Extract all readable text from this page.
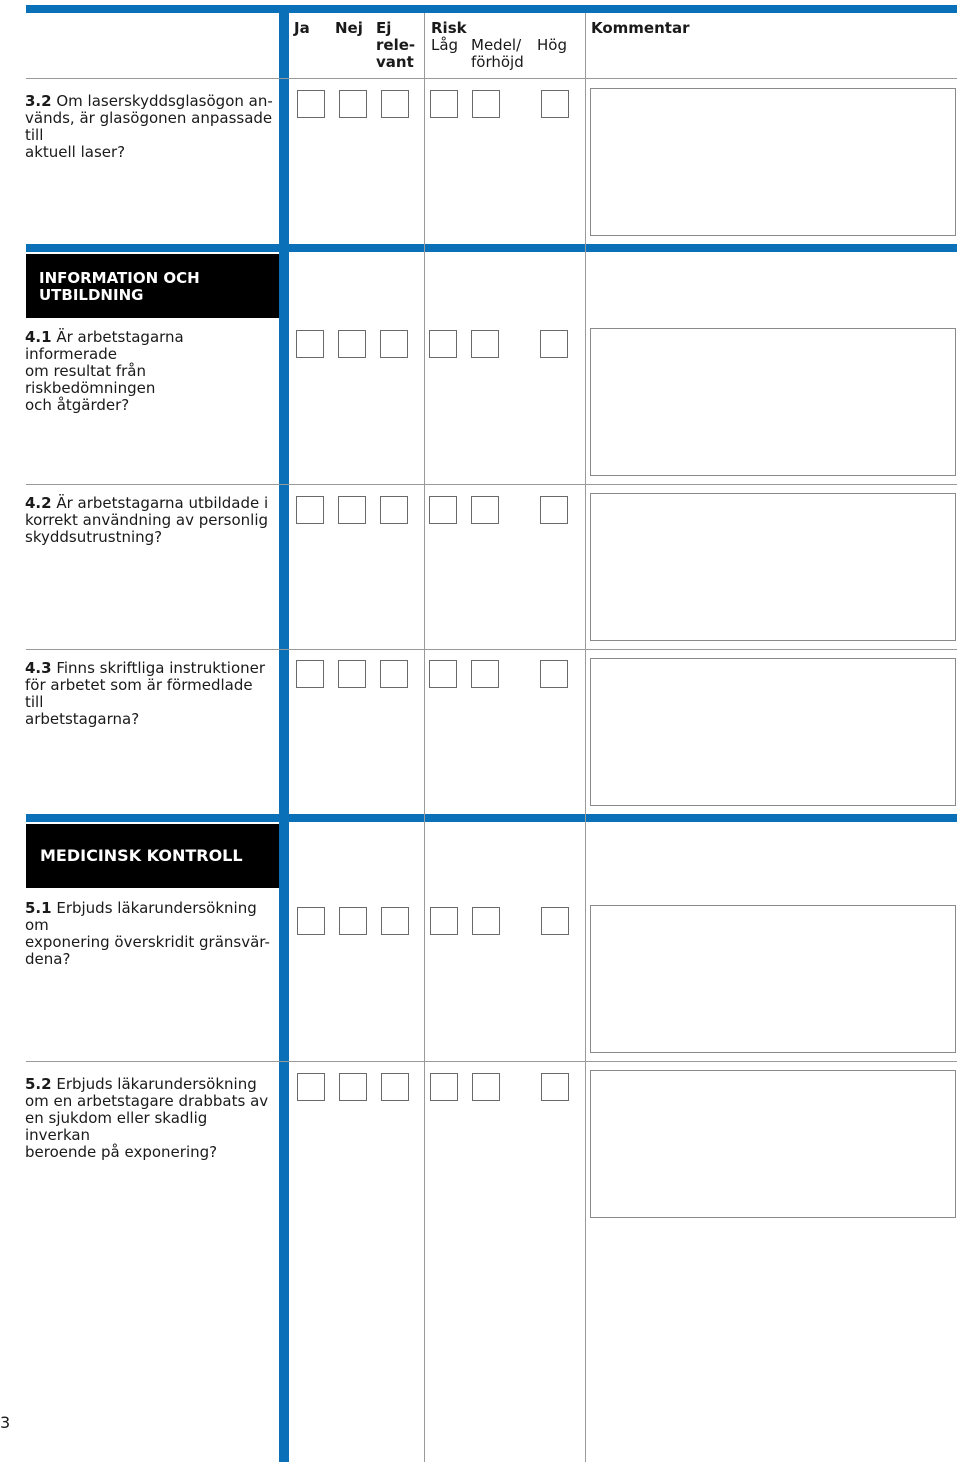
Ja Nej Ej
rele-
vant
Risk
Låg Medel/
förhöjd
Hög
Kommentar
3.2 Om laserskyddsglasögon an-
vänds, är glasögonen anpassade till
aktuell laser?
INFORMATION OCH
UTBILDNING
4.1 Är arbetstagarna informerade
om resultat från riskbedömningen
och åtgärder?
4.2 Är arbetstagarna utbildade i
korrekt användning av personlig
skyddsutrustning?
4.3 Finns skriftliga instruktioner
för arbetet som är förmedlade till
arbetstagarna?
MEDICINSK KONTROLL
5.1 Erbjuds läkarundersökning om
exponering överskridit gränsvär-
dena?
5.2 Erbjuds läkarundersökning
om en arbetstagare drabbats av
en sjukdom eller skadlig inverkan
beroende på exponering?
3
